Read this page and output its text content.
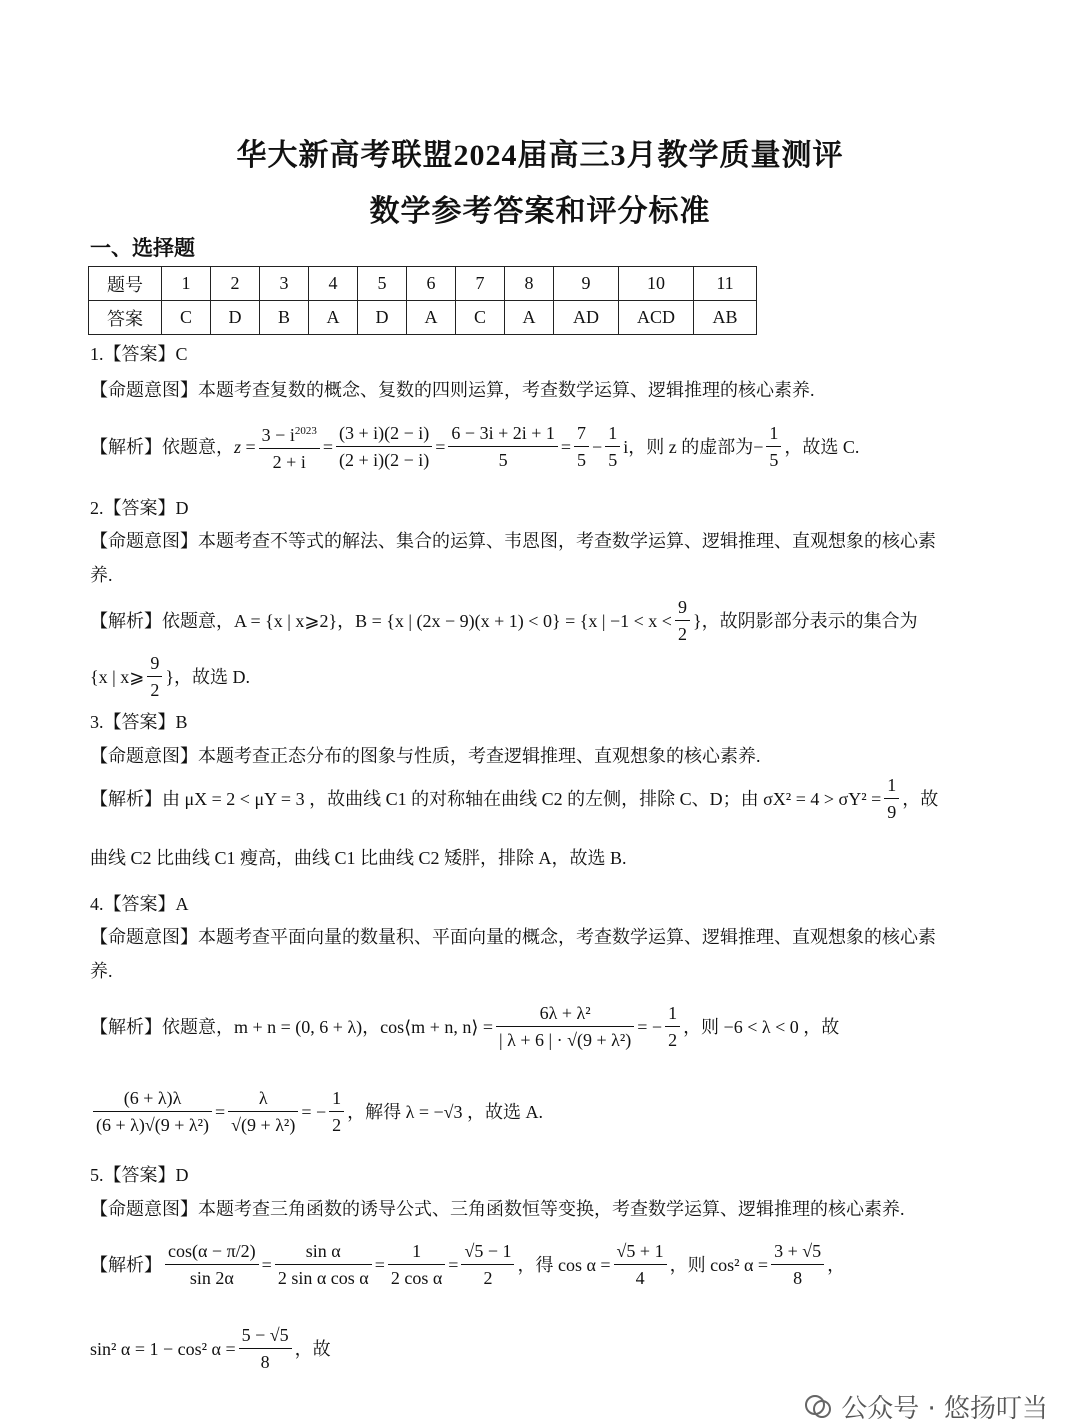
华大新高考联盟2024届高三3月教学质量测评
数学参考答案和评分标准
一、选择题
题号	1	2	3	4	5	6	7	8	9	10	11
答案	C	D	B	A	D	A	C	A	AD	ACD	AB
1.【答案】C
【命题意图】本题考查复数的概念、复数的四则运算，考查数学运算、逻辑推理的核心素养.
【解析】依题意， $z = \frac{3 - i^{2023}}{2 + i} = \frac{(3 + i)(2 - i)}{(2 + i)(2 - i)} = \frac{6 - 3i + 2i + 1}{5} = \frac{7}{5} - \frac{1}{5}$ i ，则 z 的虚部为 − $\frac{1}{5}$ ，故选 C.
2.【答案】D
【命题意图】本题考查不等式的解法、集合的运算、韦恩图，考查数学运算、逻辑推理、直观想象的核心素
养.
【解析】依题意， A = {x | x⩾2}，B = {x | (2x − 9)(x + 1) < 0} = {x | $-1 < x < \frac{9}{2}$ }，故阴影部分表示的集合为
{x | x⩾ $\frac{9}{2}$ }，故选 D.
3.【答案】B
【命题意图】本题考查正态分布的图象与性质，考查逻辑推理、直观想象的核心素养.
【解析】由 μX = 2 < μY = 3 ，故曲线 C1 的对称轴在曲线 C2 的左侧，排除 C、D；由 $\sigma X^2 = 4 > \sigma Y^2 = \frac{1}{9}$ ，故
曲线 C2 比曲线 C1 瘦高，曲线 C1 比曲线 C2 矮胖，排除 A，故选 B.
4.【答案】A
【命题意图】本题考查平面向量的数量积、平面向量的概念，考查数学运算、逻辑推理、直观想象的核心素
养.
【解析】依题意，m + n = (0, 6 + λ)，cos⟨m + n, n⟩ = $\frac{\text{6λ + λ²}}{\text{| λ + 6 | · √(9 + λ²)}}$ = − $\frac{1}{2}$ ，则 −6 < λ < 0 ，故
$\frac{(6 + \lambda)\lambda}{\text{(6 + λ)√(9 + λ²)}} = \frac{\lambda}{\text{√(9 + λ²)}}$ = − $\frac{1}{2}$ ，解得 λ = −√3 ，故选 A.
5.【答案】D
【命题意图】本题考查三角函数的诱导公式、三角函数恒等变换，考查数学运算、逻辑推理的核心素养.
【解析】 $\frac{\cos(\alpha - \pi/2)}{\sin 2\alpha} = \frac{\text{sin α}}{\text{2 sin α cos α}} = \frac{1}{\text{2 cos α}} = \frac{√5 - 1}{2}$ ，得 $\cos \alpha = \frac{√5 + 1}{4}$ ，则 cos² $\alpha = \frac{3 + √5}{8}$ ，
sin² α = 1 − cos² $\alpha = \frac{5 - √5}{8}$ ，故
公众号 · 悠扬叮当
